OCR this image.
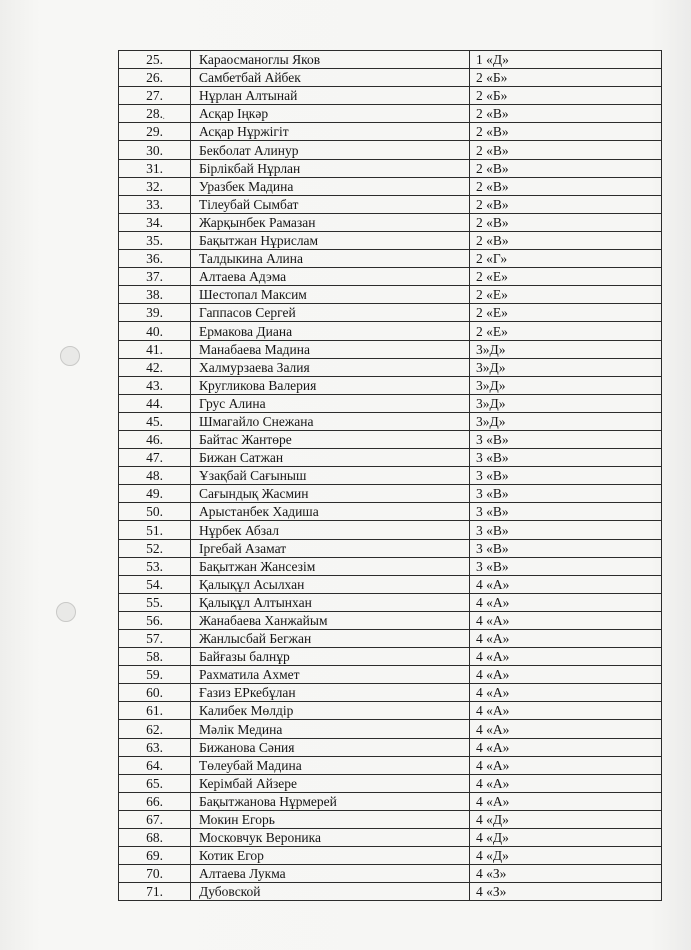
·
25.	Караосманоглы Яков	1 «Д»
26.	Самбетбай Айбек	2 «Б»
27.	Нұрлан Алтынай	2 «Б»
28.	Асқар Іңкәр	2 «В»
29.	Асқар Нұржігіт	2 «В»
30.	Бекболат Алинур	2 «В»
31.	Бірлікбай Нұрлан	2 «В»
32.	Уразбек Мадина	2 «В»
33.	Тілеубай Сымбат	2 «В»
34.	Жарқынбек Рамазан	2 «В»
35.	Бақытжан Нұрислам	2 «В»
36.	Талдыкина Алина	2 «Г»
37.	Алтаева Адэма	2 «Е»
38.	Шестопал Максим	2 «Е»
39.	Гаппасов Сергей	2 «Е»
40.	Ермакова Диана	2 «Е»
41.	Манабаева Мадина	3»Д»
42.	Халмурзаева Залия	3»Д»
43.	Кругликова Валерия	3»Д»
44.	Грус Алина	3»Д»
45.	Шмагайло Снежана	3»Д»
46.	Байтас Жантөре	3 «В»
47.	Бижан Сатжан	3 «В»
48.	Ұзақбай Сағыныш	3 «В»
49.	Сағындық Жасмин	3 «В»
50.	Арыстанбек Хадиша	3 «В»
51.	Нұрбек Абзал	3 «В»
52.	Іргебай Азамат	3 «В»
53.	Бақытжан Жансезім	3 «В»
54.	Қалықұл Асылхан	4 «А»
55.	Қалықұл Алтынхан	4 «А»
56.	Жанабаева Ханжайым	4 «А»
57.	Жанлысбай Бегжан	4 «А»
58.	Байғазы балнұр	4 «А»
59.	Рахматила Ахмет	4 «А»
60.	Ғазиз ЕРкебұлан	4 «А»
61.	Калибек Мөлдір	4 «А»
62.	Мәлік Медина	4 «А»
63.	Бижанова Сәния	4 «А»
64.	Төлеубай Мадина	4 «А»
65.	Керімбай Айзере	4 «А»
66.	Бақытжанова Нұрмерей	4 «А»
67.	Мокин Егорь	4 «Д»
68.	Московчук Вероника	4 «Д»
69.	Котик Егор	4 «Д»
70.	Алтаева Лукма	4 «З»
71.	Дубовской	4 «З»
